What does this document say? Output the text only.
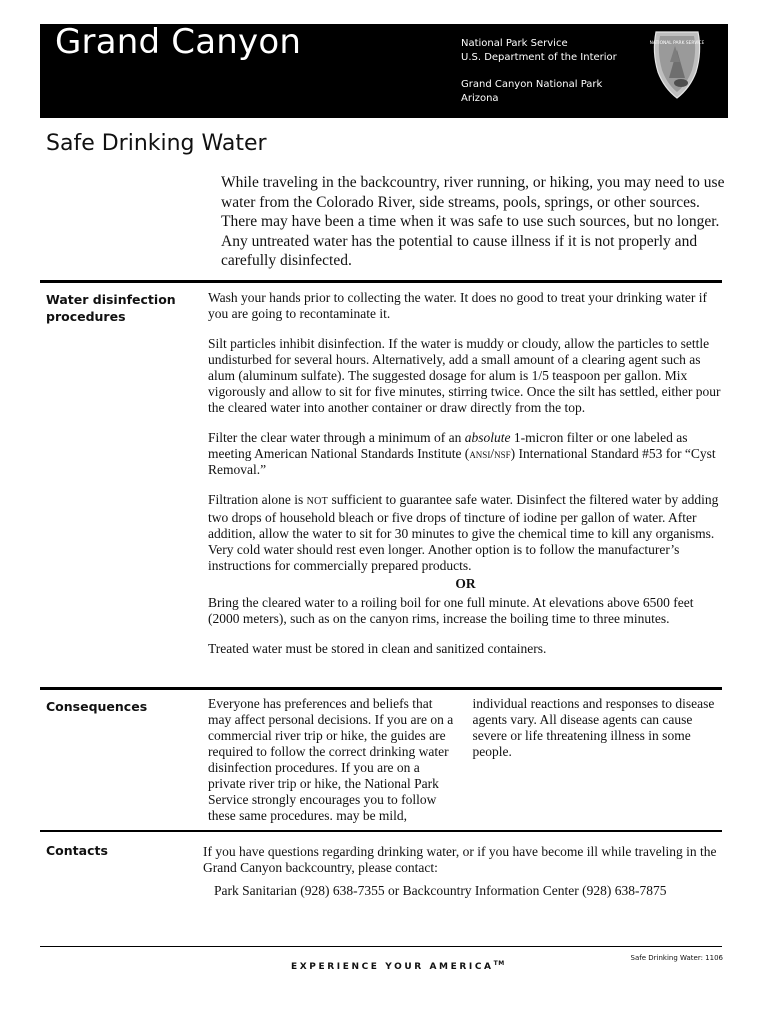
Grand Canyon	National Park Service
U.S. Department of the Interior
Grand Canyon National Park
Arizona
NATIONAL PARK SERVICE
Safe Drinking Water
While traveling in the backcountry, river running, or hiking, you may need to use water from the Colorado River, side streams, pools, springs, or other sources. There may have been a time when it was safe to use such sources, but no longer. Any untreated water has the potential to cause illness if it is not properly and carefully disinfected.
Water disinfection procedures

Wash your hands prior to collecting the water. It does no good to treat your drinking water if you are going to recontaminate it.

Silt particles inhibit disinfection. If the water is muddy or cloudy, allow the particles to settle undisturbed for several hours. Alternatively, add a small amount of a clearing agent such as alum (aluminum sulfate). The suggested dosage for alum is 1/5 teaspoon per gallon. Mix vigorously and allow to sit for five minutes, stirring twice. Once the silt has settled, either pour the cleared water into another container or draw directly from the top.

Filter the clear water through a minimum of an absolute 1-micron filter or one labeled as meeting American National Standards Institute (ansi/nsf) International Standard #53 for “Cyst Removal.”

Filtration alone is NOT sufficient to guarantee safe water. Disinfect the filtered water by adding two drops of household bleach or five drops of tincture of iodine per gallon of water. After addition, allow the water to sit for 30 minutes to give the chemical time to kill any organisms. Very cold water should rest even longer. Another option is to follow the manufacturer’s instructions for commercially prepared products.

OR

Bring the cleared water to a roiling boil for one full minute. At elevations above 6500 feet (2000 meters), such as on the canyon rims, increase the boiling time to three minutes.

Treated water must be stored in clean and sanitized containers.

Consequences	Everyone has preferences and beliefs that may affect personal decisions. If you are on a commercial river trip or hike, the guides are required to follow the correct drinking water disinfection procedures. If you are on a private river trip or hike, the National Park Service strongly encourages you to follow these same procedures. may be mild, individual reactions and responses to disease agents vary. All disease agents can cause severe or life threatening illness in some people.
Contacts	If you have questions regarding drinking water, or if you have become ill while traveling in the Grand Canyon backcountry, please contact:
Park Sanitarian (928) 638-7355 or Backcountry Information Center (928) 638-7875
EXPERIENCE YOUR AMERICA™
Safe Drinking Water: 1106
